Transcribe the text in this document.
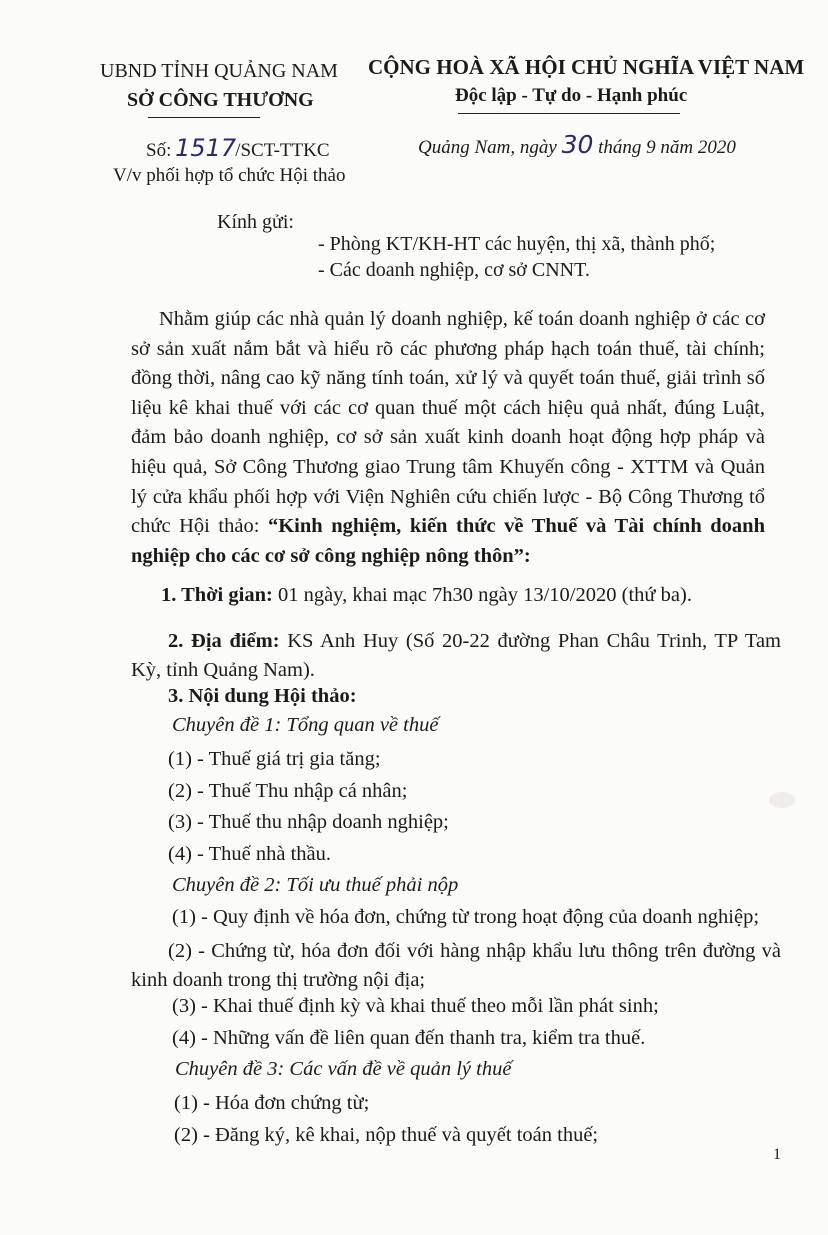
UBND TỈNH QUẢNG NAM
SỞ CÔNG THƯƠNG
CỘNG HOÀ XÃ HỘI CHỦ NGHĨA VIỆT NAM
Độc lập - Tự do - Hạnh phúc
Số: 1517/SCT-TTKC	Quảng Nam, ngày 30 tháng 9 năm 2020
V/v phối hợp tổ chức Hội thảo
Kính gửi:
- Phòng KT/KH-HT các huyện, thị xã, thành phố;
- Các doanh nghiệp, cơ sở CNNT.
Nhằm giúp các nhà quản lý doanh nghiệp, kế toán doanh nghiệp ở các cơ sở sản xuất nắm bắt và hiểu rõ các phương pháp hạch toán thuế, tài chính; đồng thời, nâng cao kỹ năng tính toán, xử lý và quyết toán thuế, giải trình số liệu kê khai thuế với các cơ quan thuế một cách hiệu quả nhất, đúng Luật, đảm bảo doanh nghiệp, cơ sở sản xuất kinh doanh hoạt động hợp pháp và hiệu quả, Sở Công Thương giao Trung tâm Khuyến công - XTTM và Quản lý cửa khẩu phối hợp với Viện Nghiên cứu chiến lược - Bộ Công Thương tổ chức Hội thảo: “Kinh nghiệm, kiến thức về Thuế và Tài chính doanh nghiệp cho các cơ sở công nghiệp nông thôn”:
1. Thời gian: 01 ngày, khai mạc 7h30 ngày 13/10/2020 (thứ ba).
2. Địa điểm: KS Anh Huy (Số 20-22 đường Phan Châu Trinh, TP Tam Kỳ, tỉnh Quảng Nam).
3. Nội dung Hội thảo:
Chuyên đề 1: Tổng quan về thuế
(1) - Thuế giá trị gia tăng;
(2) - Thuế Thu nhập cá nhân;
(3) - Thuế thu nhập doanh nghiệp;
(4) - Thuế nhà thầu.
Chuyên đề 2: Tối ưu thuế phải nộp
(1) - Quy định về hóa đơn, chứng từ trong hoạt động của doanh nghiệp;
(2) - Chứng từ, hóa đơn đối với hàng nhập khẩu lưu thông trên đường và kinh doanh trong thị trường nội địa;
(3) - Khai thuế định kỳ và khai thuế theo mỗi lần phát sinh;
(4) - Những vấn đề liên quan đến thanh tra, kiểm tra thuế.
Chuyên đề 3: Các vấn đề về quản lý thuế
(1) - Hóa đơn chứng từ;
(2) - Đăng ký, kê khai, nộp thuế và quyết toán thuế;
1
